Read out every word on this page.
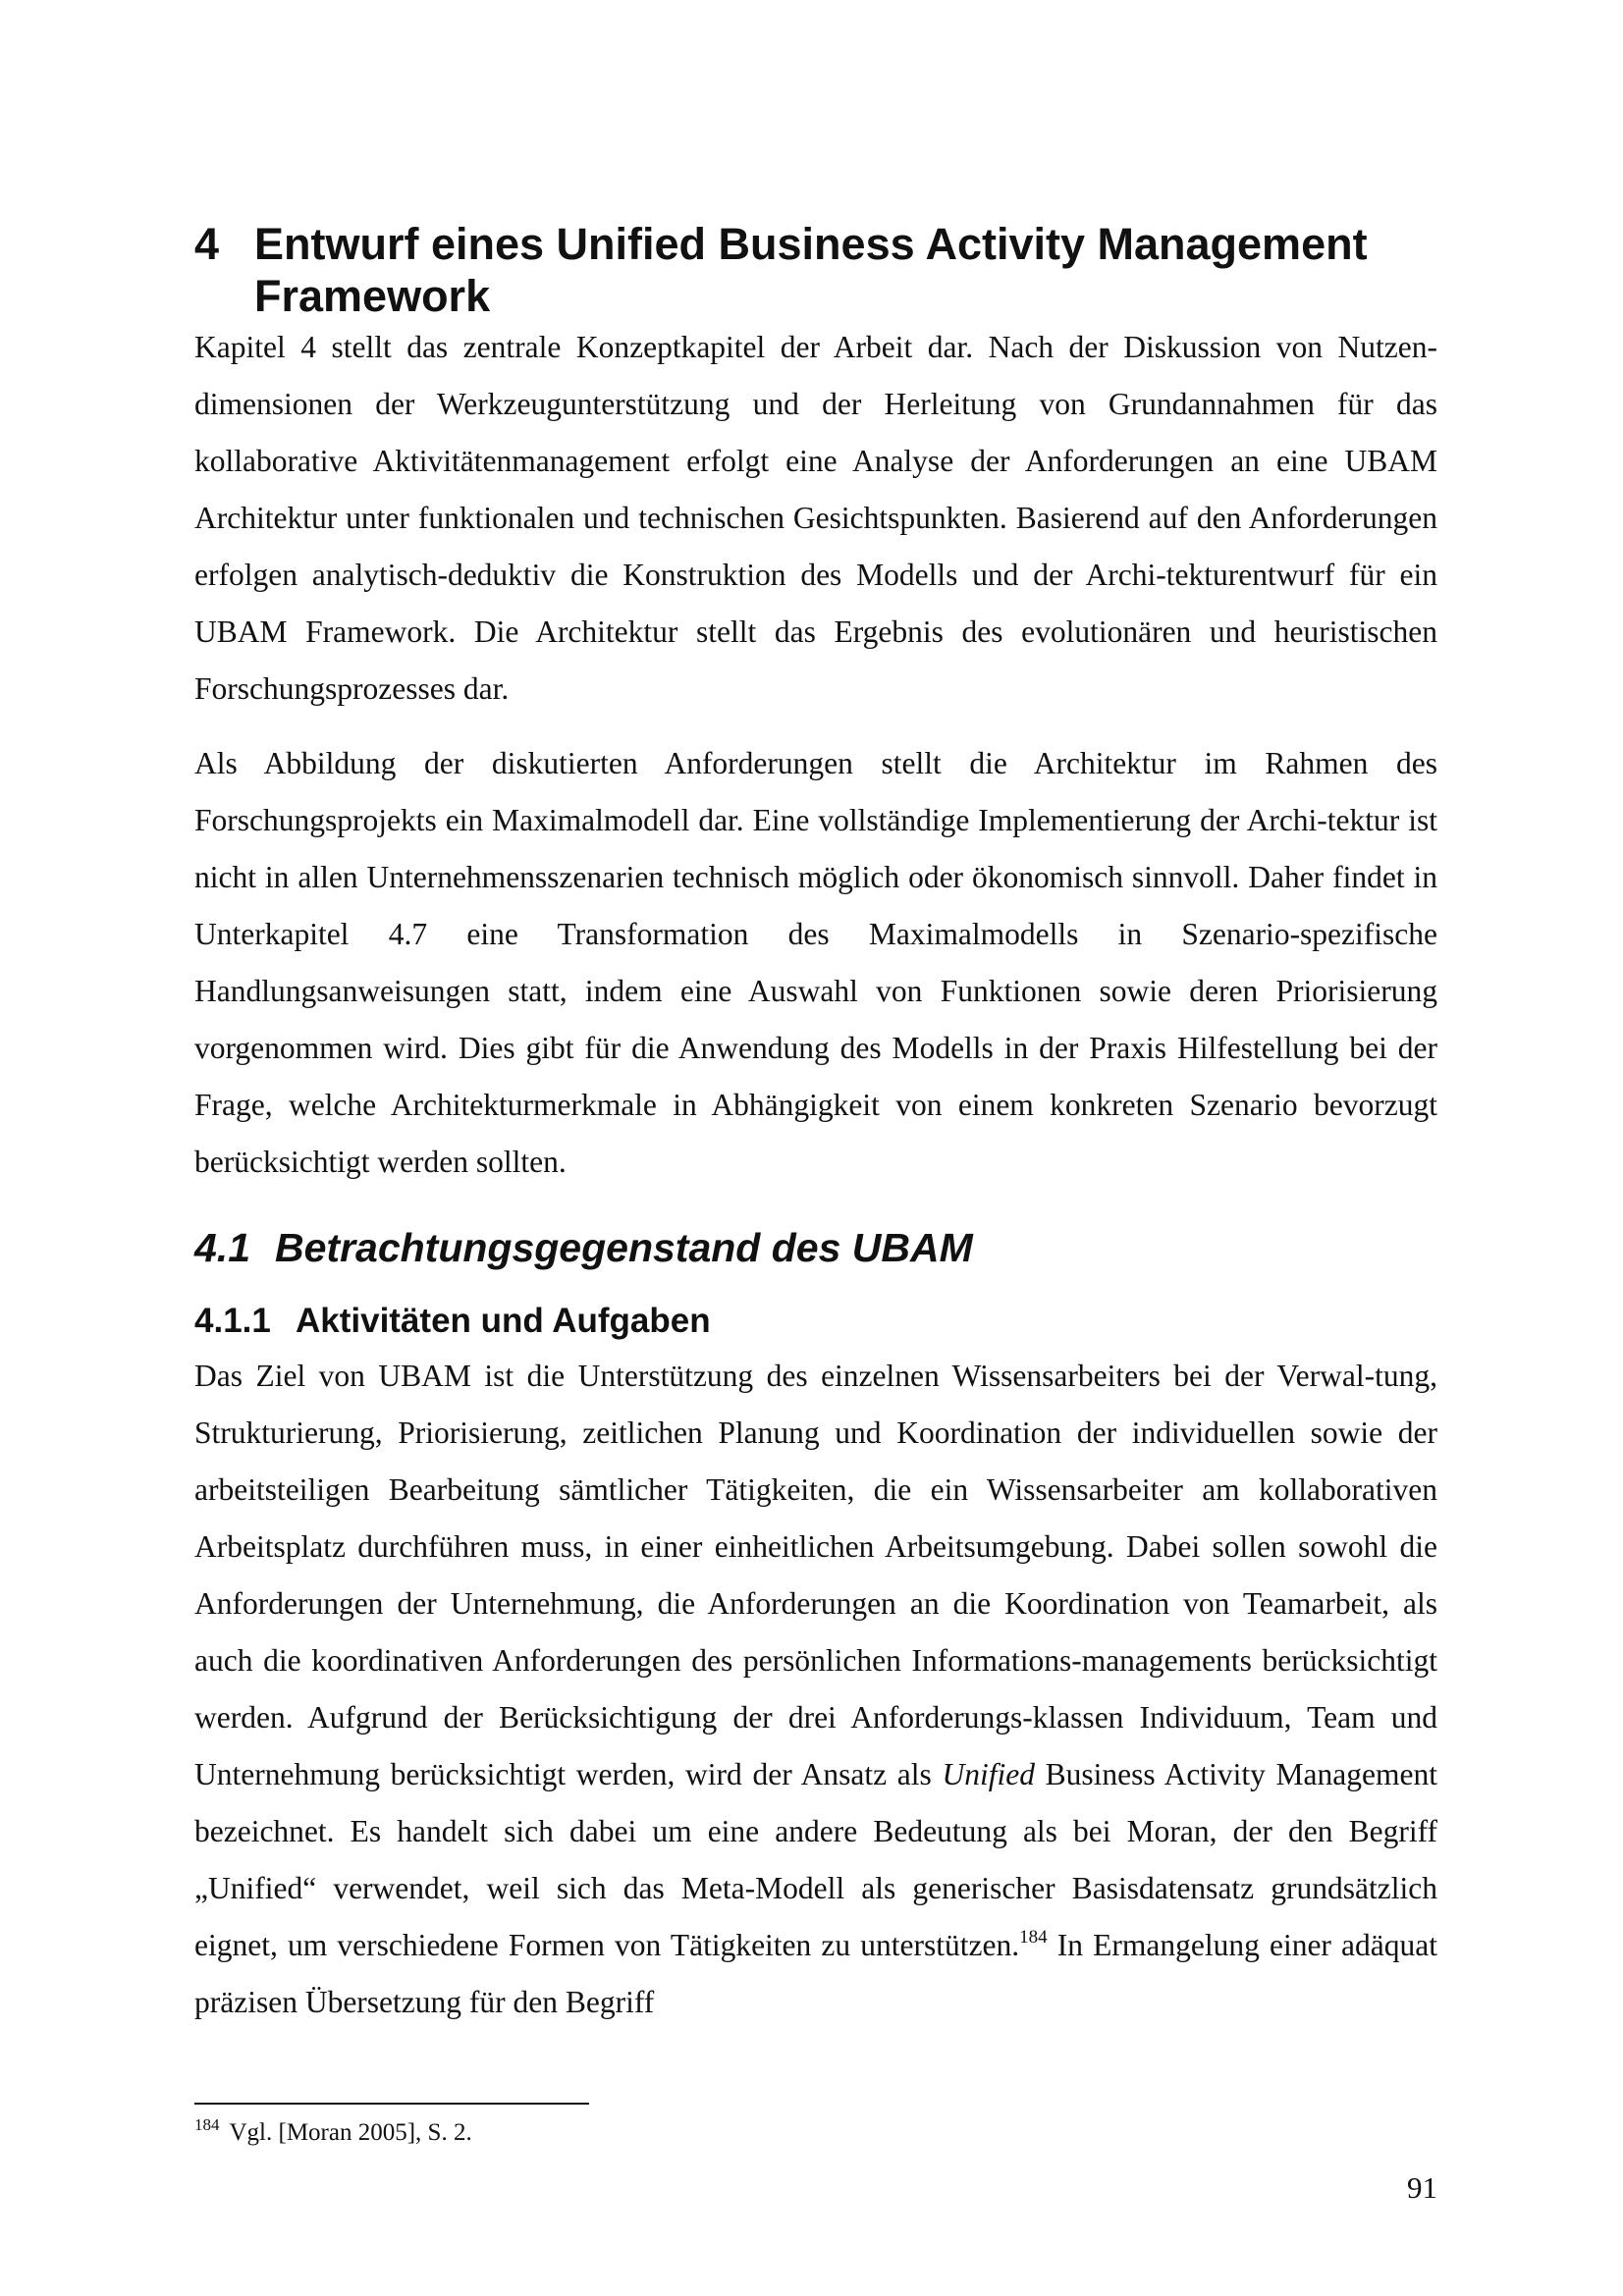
4 Entwurf eines Unified Business Activity Management
Framework

Kapitel 4 stellt das zentrale Konzeptkapitel der Arbeit dar. Nach der Diskussion von Nutzen-dimensionen der Werkzeugunterstützung und der Herleitung von Grundannahmen für das kollaborative Aktivitätenmanagement erfolgt eine Analyse der Anforderungen an eine UBAM Architektur unter funktionalen und technischen Gesichtspunkten. Basierend auf den Anforderungen erfolgen analytisch-deduktiv die Konstruktion des Modells und der Archi-tekturentwurf für ein UBAM Framework. Die Architektur stellt das Ergebnis des evolutionären und heuristischen Forschungsprozesses dar.

Als Abbildung der diskutierten Anforderungen stellt die Architektur im Rahmen des Forschungsprojekts ein Maximalmodell dar. Eine vollständige Implementierung der Archi-tektur ist nicht in allen Unternehmensszenarien technisch möglich oder ökonomisch sinnvoll. Daher findet in Unterkapitel 4.7 eine Transformation des Maximalmodells in Szenario-spezifische Handlungsanweisungen statt, indem eine Auswahl von Funktionen sowie deren Priorisierung vorgenommen wird. Dies gibt für die Anwendung des Modells in der Praxis Hilfestellung bei der Frage, welche Architekturmerkmale in Abhängigkeit von einem konkreten Szenario bevorzugt berücksichtigt werden sollten.

4.1 Betrachtungsgegenstand des UBAM
4.1.1 Aktivitäten und Aufgaben

Das Ziel von UBAM ist die Unterstützung des einzelnen Wissensarbeiters bei der Verwal-tung, Strukturierung, Priorisierung, zeitlichen Planung und Koordination der individuellen sowie der arbeitsteiligen Bearbeitung sämtlicher Tätigkeiten, die ein Wissensarbeiter am kollaborativen Arbeitsplatz durchführen muss, in einer einheitlichen Arbeitsumgebung. Dabei sollen sowohl die Anforderungen der Unternehmung, die Anforderungen an die Koordination von Teamarbeit, als auch die koordinativen Anforderungen des persönlichen Informations-managements berücksichtigt werden. Aufgrund der Berücksichtigung der drei Anforderungs-klassen Individuum, Team und Unternehmung berücksichtigt werden, wird der Ansatz als Unified Business Activity Management bezeichnet. Es handelt sich dabei um eine andere Bedeutung als bei Moran, der den Begriff „Unified“ verwendet, weil sich das Meta-Modell als generischer Basisdatensatz grundsätzlich eignet, um verschiedene Formen von Tätigkeiten zu unterstützen.$^{184}$ In Ermangelung einer adäquat präzisen Übersetzung für den Begriff

$^{184}$ Vgl. [Moran 2005], S. 2.
91
